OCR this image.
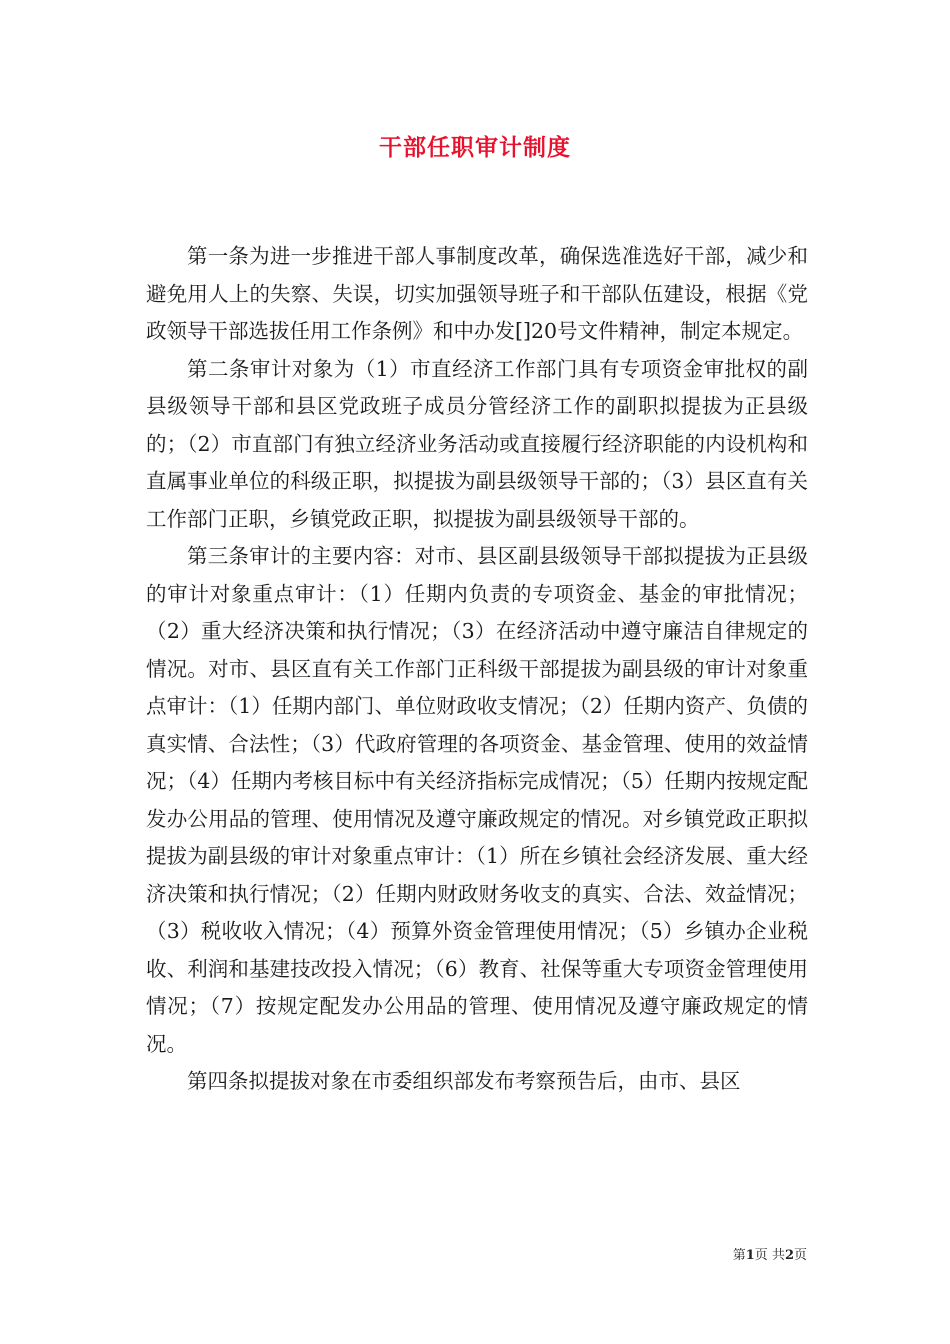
干部任职审计制度

第一条为进一步推进干部人事制度改革，确保选准选好干部，减少和避免用人上的失察、失误，切实加强领导班子和干部队伍建设，根据《党政领导干部选拔任用工作条例》和中办发[]20号文件精神，制定本规定。

第二条审计对象为（1）市直经济工作部门具有专项资金审批权的副县级领导干部和县区党政班子成员分管经济工作的副职拟提拔为正县级的；（2）市直部门有独立经济业务活动或直接履行经济职能的内设机构和直属事业单位的科级正职，拟提拔为副县级领导干部的；（3）县区直有关工作部门正职，乡镇党政正职，拟提拔为副县级领导干部的。

第三条审计的主要内容：对市、县区副县级领导干部拟提拔为正县级的审计对象重点审计：（1）任期内负责的专项资金、基金的审批情况；（2）重大经济决策和执行情况；（3）在经济活动中遵守廉洁自律规定的情况。对市、县区直有关工作部门正科级干部提拔为副县级的审计对象重点审计：（1）任期内部门、单位财政收支情况；（2）任期内资产、负债的真实情、合法性；（3）代政府管理的各项资金、基金管理、使用的效益情况；（4）任期内考核目标中有关经济指标完成情况；（5）任期内按规定配发办公用品的管理、使用情况及遵守廉政规定的情况。对乡镇党政正职拟提拔为副县级的审计对象重点审计：（1）所在乡镇社会经济发展、重大经济决策和执行情况；（2）任期内财政财务收支的真实、合法、效益情况；（3）税收收入情况；（4）预算外资金管理使用情况；（5）乡镇办企业税收、利润和基建技改投入情况；（6）教育、社保等重大专项资金管理使用情况；（7）按规定配发办公用品的管理、使用情况及遵守廉政规定的情况。

第四条拟提拔对象在市委组织部发布考察预告后，由市、县区

第1页 共2页
